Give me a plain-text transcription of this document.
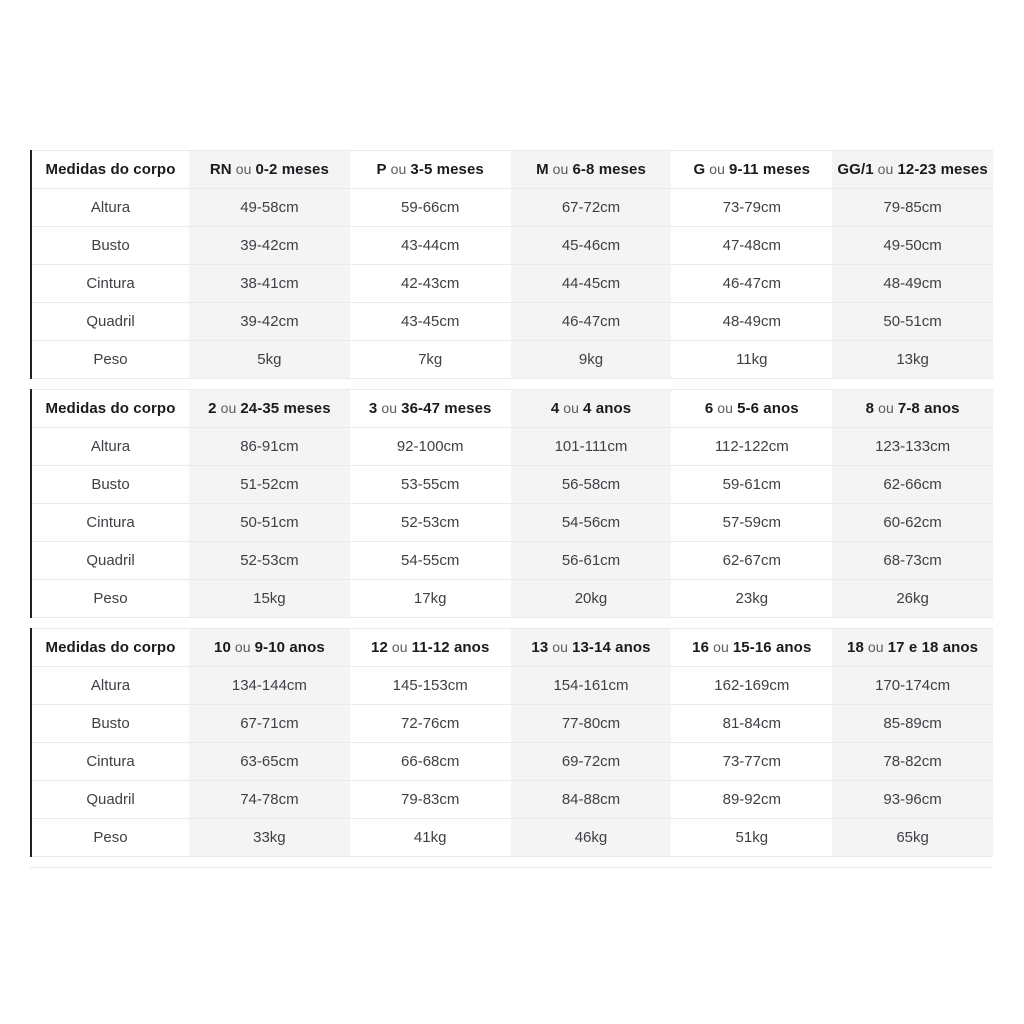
Medidas do corpo	RN ou 0-2 meses	P ou 3-5 meses	M ou 6-8 meses	G ou 9-11 meses	GG/1 ou 12-23 meses
Altura	49-58cm	59-66cm	67-72cm	73-79cm	79-85cm
Busto	39-42cm	43-44cm	45-46cm	47-48cm	49-50cm
Cintura	38-41cm	42-43cm	44-45cm	46-47cm	48-49cm
Quadril	39-42cm	43-45cm	46-47cm	48-49cm	50-51cm
Peso	5kg	7kg	9kg	11kg	13kg
Medidas do corpo	2 ou 24-35 meses	3 ou 36-47 meses	4 ou 4 anos	6 ou 5-6 anos	8 ou 7-8 anos
Altura	86-91cm	92-100cm	101-111cm	112-122cm	123-133cm
Busto	51-52cm	53-55cm	56-58cm	59-61cm	62-66cm
Cintura	50-51cm	52-53cm	54-56cm	57-59cm	60-62cm
Quadril	52-53cm	54-55cm	56-61cm	62-67cm	68-73cm
Peso	15kg	17kg	20kg	23kg	26kg
Medidas do corpo	10 ou 9-10 anos	12 ou 11-12 anos	13 ou 13-14 anos	16 ou 15-16 anos	18 ou 17 e 18 anos
Altura	134-144cm	145-153cm	154-161cm	162-169cm	170-174cm
Busto	67-71cm	72-76cm	77-80cm	81-84cm	85-89cm
Cintura	63-65cm	66-68cm	69-72cm	73-77cm	78-82cm
Quadril	74-78cm	79-83cm	84-88cm	89-92cm	93-96cm
Peso	33kg	41kg	46kg	51kg	65kg
